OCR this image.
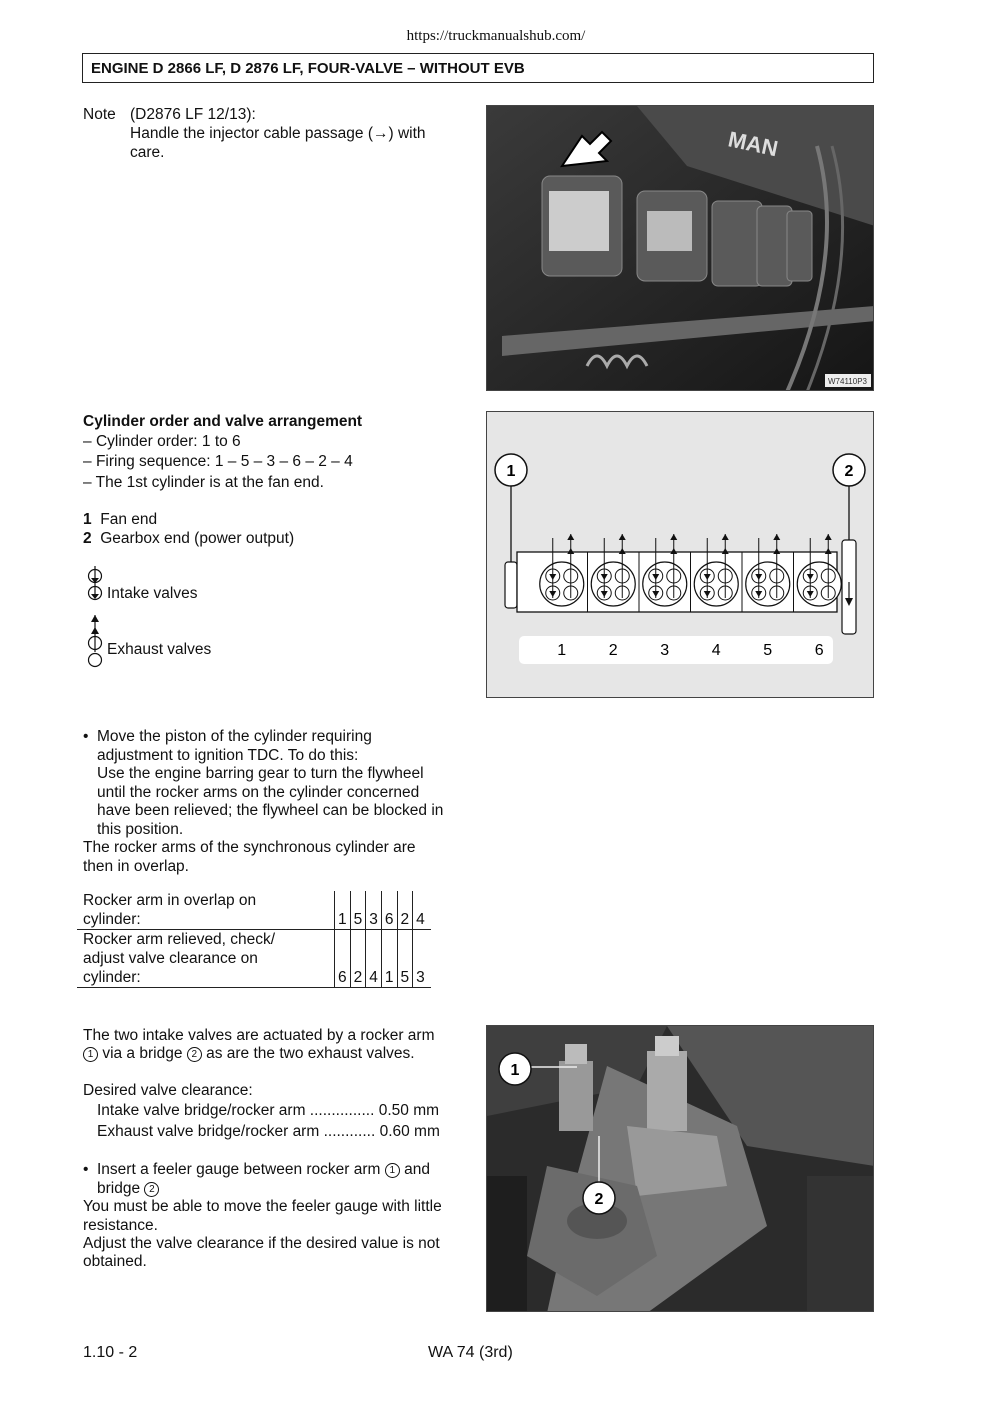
https://truckmanualshub.com/
ENGINE D 2866 LF, D 2876 LF, FOUR-VALVE – WITHOUT EVB
Note (D2876 LF 12/13):
Handle the injector cable passage (→) with
care.	MAN
W74110P3
Cylinder order and valve arrangement
– Cylinder order: 1 to 6
– Firing sequence: 1 – 5 – 3 – 6 – 2 – 4
– The 1st cylinder is at the fan end.
1 Fan end
2 Gearbox end (power output)
Intake valves
Exhaust valves
1	2
1	2	3	4	5	6
• Move the piston of the cylinder requiring
adjustment to ignition TDC. To do this:
Use the engine barring gear to turn the flywheel
until the rocker arms on the cylinder concerned
have been relieved; the flywheel can be blocked in
this position.
The rocker arms of the synchronous cylinder are
then in overlap.
Rocker arm in overlap on
cylinder:	1	5	3	6	2	4
Rocker arm relieved, check/
adjust valve clearance on
cylinder:	6	2	4	1	5	3
The two intake valves are actuated by a rocker arm
1 via a bridge 2 as are the two exhaust valves.
Desired valve clearance:
Intake valve bridge/rocker arm ............... 0.50 mm
Exhaust valve bridge/rocker arm ............ 0.60 mm
• Insert a feeler gauge between rocker arm 1 and
bridge 2
You must be able to move the feeler gauge with little
resistance.
Adjust the valve clearance if the desired value is not
obtained.
1
2
1.10 - 2	WA 74 (3rd)
